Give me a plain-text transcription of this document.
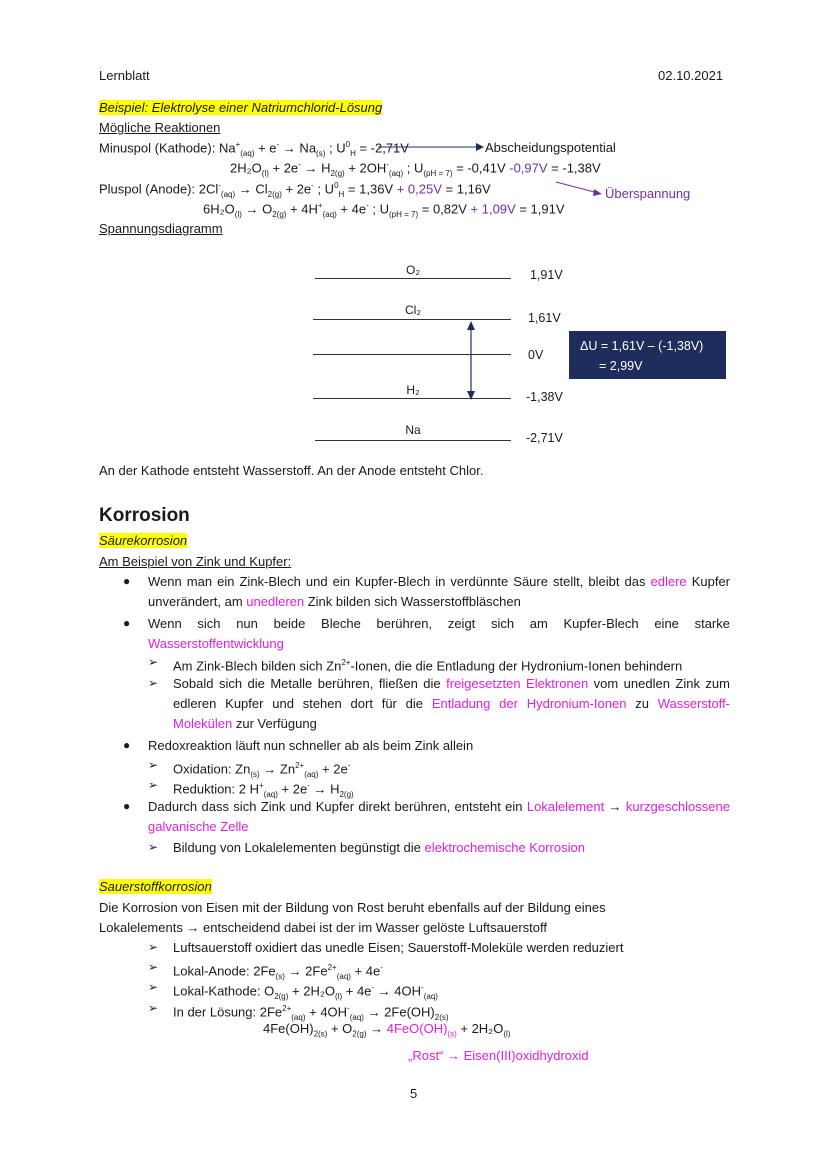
Lernblatt	02.10.2021
Beispiel: Elektrolyse einer Natriumchlorid-Lösung
Mögliche Reaktionen
Minuspol (Kathode): $Na^+_{(aq)} + e^- \to Na_{(s)}$ ; $U^0_H = -2,71V$
$2H_2O_{(l)} + 2e^- \to H_{2(g)} + 2OH^-_{(aq)}$ ; $U_{(pH = 7)} = -0,41V$ -0,97V = -1,38V
Pluspol (Anode): $2Cl^-_{(aq)} \to Cl_{2(g)} + 2e^-$ ; $U^0_H = 1,36V + 0,25V = 1,16V$
$6H_2O_{(l)} \to O_{2(g)} + 4H^+_{(aq)} + 4e^-$ ; $U_{(pH = 7)} = 0,82V + 1,09V = 1,91V$
Abscheidungspotential
Überspannung
Spannungsdiagramm
O₂	1,91V
Cl₂
1,61V
0V
H₂	-1,38V
Na
-2,71V
ΔU = 1,61V – (-1,38V)
= 2,99V
An der Kathode entsteht Wasserstoff. An der Anode entsteht Chlor.
Korrosion
Säurekorrosion
Am Beispiel von Zink und Kupfer:
● Wenn man ein Zink-Blech und ein Kupfer-Blech in verdünnte Säure stellt, bleibt das edlere Kupfer unverändert, am unedleren Zink bilden sich Wasserstoffbläschen
● Wenn sich nun beide Bleche berühren, zeigt sich am Kupfer-Blech eine starke Wasserstoffentwicklung
➢ Am Zink-Blech bilden sich $Zn^{2+}$-Ionen, die die Entladung der Hydronium-Ionen behindern
➢ Sobald sich die Metalle berühren, fließen die freigesetzten Elektronen vom unedlen Zink zum edleren Kupfer und stehen dort für die Entladung der Hydronium-Ionen zu Wasserstoff-Molekülen zur Verfügung
● Redoxreaktion läuft nun schneller ab als beim Zink allein
➢ Oxidation: $Zn_{(s)} \to Zn^{2+}_{(aq)} + 2e^-$
➢ Reduktion: 2 $H^+_{(aq)} + 2e^- \to H_{2(g)}$
● Dadurch dass sich Zink und Kupfer direkt berühren, entsteht ein Lokalelement → kurzgeschlossene galvanische Zelle
➢ Bildung von Lokalelementen begünstigt die elektrochemische Korrosion
Sauerstoffkorrosion
Die Korrosion von Eisen mit der Bildung von Rost beruht ebenfalls auf der Bildung eines Lokalelements → entscheidend dabei ist der im Wasser gelöste Luftsauerstoff
➢ Luftsauerstoff oxidiert das unedle Eisen; Sauerstoff-Moleküle werden reduziert
➢ Lokal-Anode: $2Fe_{(s)} \to 2Fe^{2+}_{(aq)} + 4e^-$
➢ Lokal-Kathode: $O_{2(g)} + 2H_2O_{(l)} + 4e^- \to 4OH^-_{(aq)}$
➢ In der Lösung: $2Fe^{2+}_{(aq)} + 4OH^-_{(aq)} \to 2Fe(OH)_{2(s)}$
$4Fe(OH)_{2(s)} + O_{2(g)} \to 4FeO(OH)_{(s)} + 2H_2O_{(l)}$
„Rost“ → Eisen(III)oxidhydroxid
5
